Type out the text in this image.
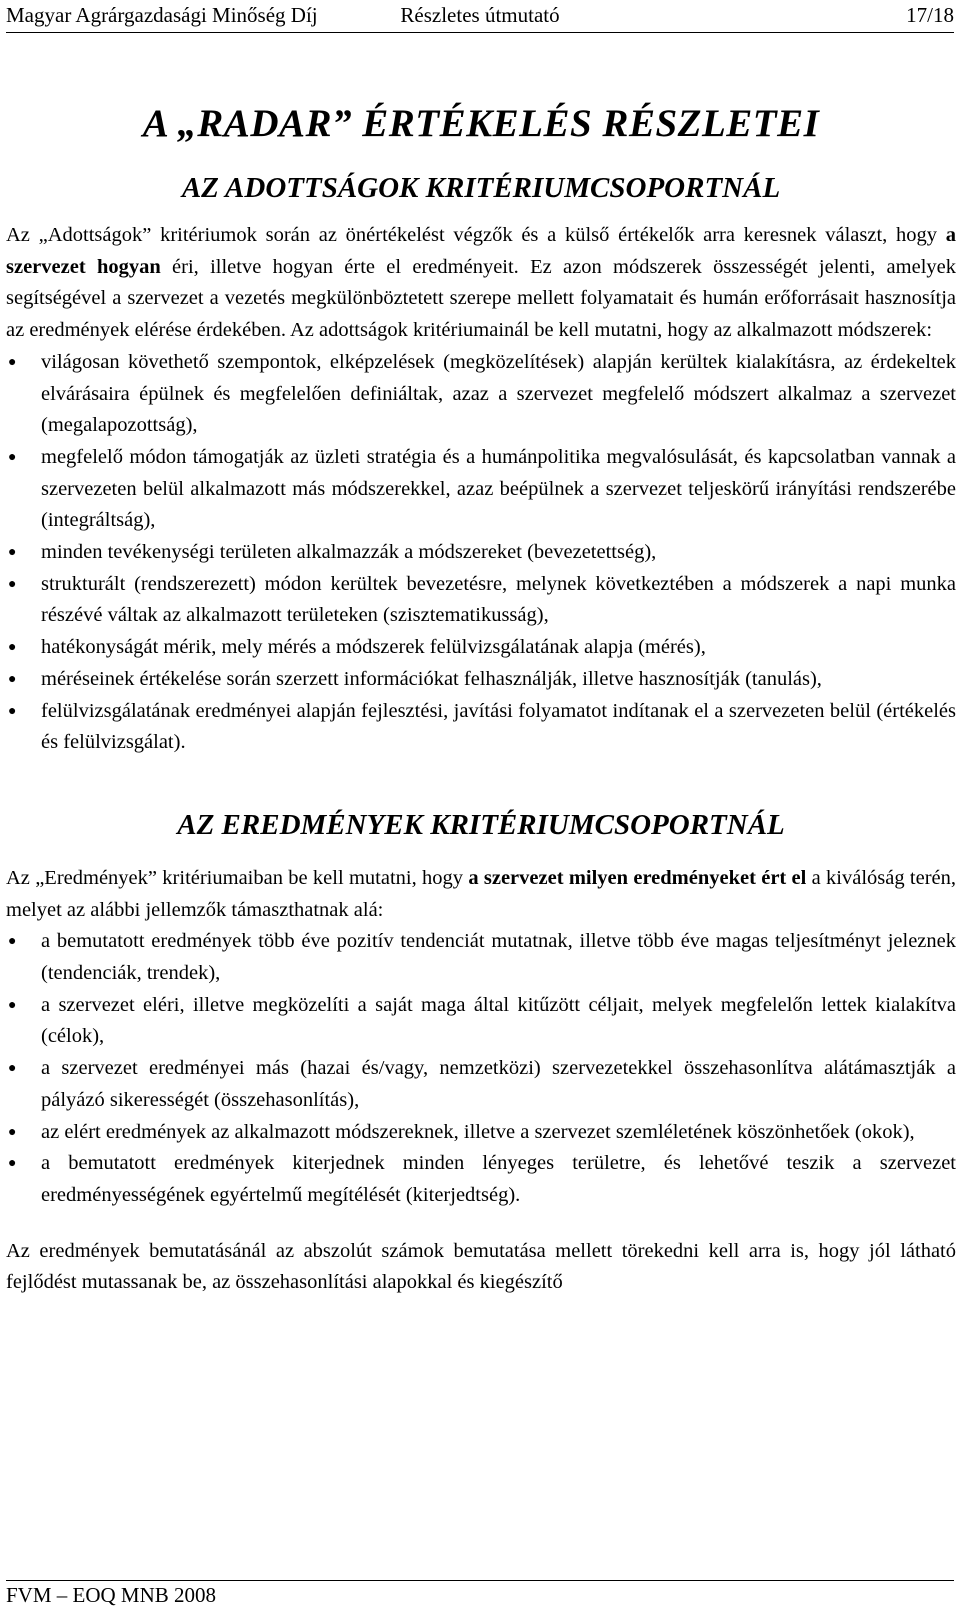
Magyar Agrárgazdasági Minőség Díj	Részletes útmutató	17/18
A „RADAR” ÉRTÉKELÉS RÉSZLETEI
AZ ADOTTSÁGOK KRITÉRIUMCSOPORTNÁL

Az „Adottságok” kritériumok során az önértékelést végzők és a külső értékelők arra keresnek választ, hogy a szervezet hogyan éri, illetve hogyan érte el eredményeit. Ez azon módszerek összességét jelenti, amelyek segítségével a szervezet a vezetés megkülönböztetett szerepe mellett folyamatait és humán erőforrásait hasznosítja az eredmények elérése érdekében. Az adottságok kritériumainál be kell mutatni, hogy az alkalmazott módszerek:

● világosan követhető szempontok, elképzelések (megközelítések) alapján kerültek kialakításra, az érdekeltek elvárásaira épülnek és megfelelően definiáltak, azaz a szervezet megfelelő módszert alkalmaz a szervezet (megalapozottság),
● megfelelő módon támogatják az üzleti stratégia és a humánpolitika megvalósulását, és kapcsolatban vannak a szervezeten belül alkalmazott más módszerekkel, azaz beépülnek a szervezet teljeskörű irányítási rendszerébe (integráltság),
● minden tevékenységi területen alkalmazzák a módszereket (bevezetettség),
● strukturált (rendszerezett) módon kerültek bevezetésre, melynek következtében a módszerek a napi munka részévé váltak az alkalmazott területeken (szisztematikusság),
● hatékonyságát mérik, mely mérés a módszerek felülvizsgálatának alapja (mérés),
● méréseinek értékelése során szerzett információkat felhasználják, illetve hasznosítják (tanulás),
● felülvizsgálatának eredményei alapján fejlesztési, javítási folyamatot indítanak el a szervezeten belül (értékelés és felülvizsgálat).
AZ EREDMÉNYEK KRITÉRIUMCSOPORTNÁL

Az „Eredmények” kritériumaiban be kell mutatni, hogy a szervezet milyen eredményeket ért el a kiválóság terén, melyet az alábbi jellemzők támaszthatnak alá:

● a bemutatott eredmények több éve pozitív tendenciát mutatnak, illetve több éve magas teljesítményt jeleznek (tendenciák, trendek),
● a szervezet eléri, illetve megközelíti a saját maga által kitűzött céljait, melyek megfelelőn lettek kialakítva (célok),
● a szervezet eredményei más (hazai és/vagy, nemzetközi) szervezetekkel összehasonlítva alátámasztják a pályázó sikerességét (összehasonlítás),
● az elért eredmények az alkalmazott módszereknek, illetve a szervezet szemléletének köszönhetőek (okok),
● a bemutatott eredmények kiterjednek minden lényeges területre, és lehetővé teszik a szervezet eredményességének egyértelmű megítélését (kiterjedtség).

Az eredmények bemutatásánál az abszolút számok bemutatása mellett törekedni kell arra is, hogy jól látható fejlődést mutassanak be, az összehasonlítási alapokkal és kiegészítő

FVM – EOQ MNB 2008
